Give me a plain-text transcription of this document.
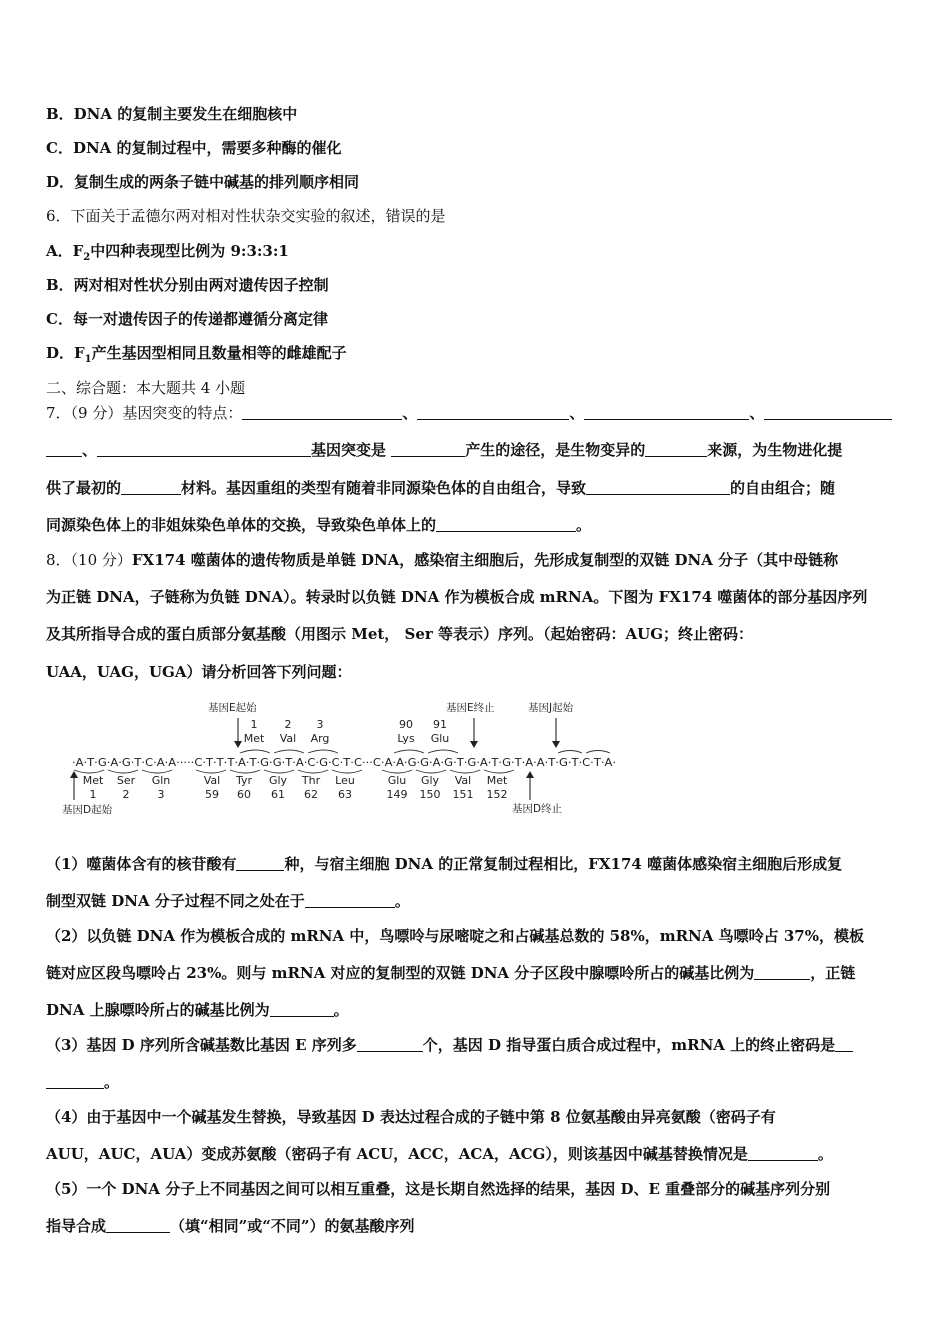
B．DNA 的复制主要发生在细胞核中
C．DNA 的复制过程中，需要多种酶的催化
D．复制生成的两条子链中碱基的排列顺序相同
6．下面关于孟德尔两对相对性状杂交实验的叙述，错误的是
A．$F_2$中四种表现型比例为 9:3:3:1
B．两对相对性状分别由两对遗传因子控制
C．每一对遗传因子的传递都遵循分离定律
D．$F_1$产生基因型相同且数量相等的雌雄配子
二、综合题：本大题共 4 小题
7．（9 分）基因突变的特点：	、	、	、
、	基因突变是	产生的途径，是生物变异的	来源，为生物进化提
供了最初的	材料。基因重组的类型有随着非同源染色体的自由组合，导致	的自由组合；随
同源染色体上的非姐妹染色单体的交换，导致染色单体上的	。
8．（10 分）FX174 噬菌体的遗传物质是单链 DNA，感染宿主细胞后，先形成复制型的双链 DNA 分子（其中母链称
为正链 DNA，子链称为负链 DNA）。转录时以负链 DNA 作为模板合成 mRNA。下图为 FX174 噬菌体的部分基因序列
及其所指导合成的蛋白质部分氨基酸（用图示 Met， Ser 等表示）序列。（起始密码：AUG；终止密码：
UAA，UAG，UGA）请分析回答下列问题：
基因E起始	基因E终止	基因J起始
1 2 3	90 91
Met Val Arg	Lys Glu
·A·T·G·A·G·T·C·A·A·····C·T·T·T·A·T·G·G·T·A·C·G·C·T·C···C·A·A·G·G·A·G·T·G·A·T·G·T·A·A·T·G·T·C·T·A·
Met Ser Gln	Val Tyr Gly Thr Leu	Glu Gly Val Met
1 2	3	59 60 61 62 63	149 150 151 152
基因D起始	基因D终止
（1）噬菌体含有的核苷酸有	种，与宿主细胞 DNA 的正常复制过程相比，FX174 噬菌体感染宿主细胞后形成复
制型双链 DNA 分子过程不同之处在于	。
（2）以负链 DNA 作为模板合成的 mRNA 中，鸟嘌呤与尿嘧啶之和占碱基总数的 58%，mRNA 鸟嘌呤占 37%，模板
链对应区段鸟嘌呤占 23%。则与 mRNA 对应的复制型的双链 DNA 分子区段中腺嘌呤所占的碱基比例为	，正链
DNA 上腺嘌呤所占的碱基比例为	。
（3）基因 D 序列所含碱基数比基因 E 序列多	个，基因 D 指导蛋白质合成过程中，mRNA 上的终止密码是
。
（4）由于基因中一个碱基发生替换，导致基因 D 表达过程合成的子链中第 8 位氨基酸由异亮氨酸（密码子有
AUU，AUC，AUA）变成苏氨酸（密码子有 ACU，ACC，ACA，ACG），则该基因中碱基替换情况是	。
（5）一个 DNA 分子上不同基因之间可以相互重叠，这是长期自然选择的结果，基因 D、E 重叠部分的碱基序列分别
指导合成	（填“相同”或“不同”）的氨基酸序列
